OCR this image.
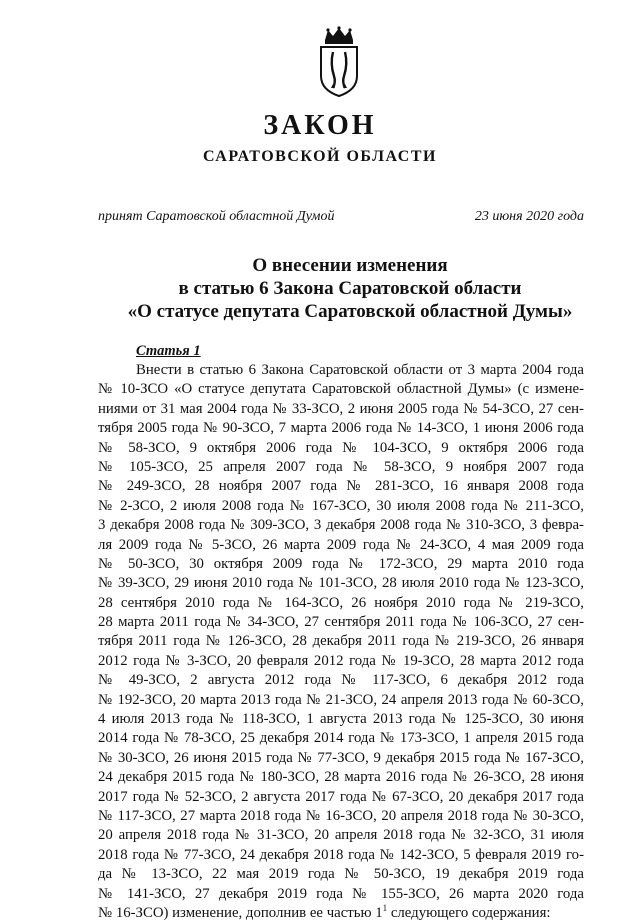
ЗАКОН
САРАТОВСКОЙ ОБЛАСТИ
принят Саратовской областной Думой	23 июня 2020 года
О внесении изменения
в статью 6 Закона Саратовской области
«О статусе депутата Саратовской областной Думы»
Статья 1
Внести в статью 6 Закона Саратовской области от 3 марта 2004 года
№ 10-ЗСО «О статусе депутата Саратовской областной Думы» (с измене-
ниями от 31 мая 2004 года № 33-ЗСО, 2 июня 2005 года № 54-ЗСО, 27 сен-
тября 2005 года № 90-ЗСО, 7 марта 2006 года № 14-ЗСО, 1 июня 2006 года
№ 58-ЗСО, 9 октября 2006 года № 104-ЗСО, 9 октября 2006 года
№ 105-ЗСО, 25 апреля 2007 года № 58-ЗСО, 9 ноября 2007 года
№ 249-ЗСО, 28 ноября 2007 года № 281-ЗСО, 16 января 2008 года
№ 2-ЗСО, 2 июля 2008 года № 167-ЗСО, 30 июля 2008 года № 211-ЗСО,
3 декабря 2008 года № 309-ЗСО, 3 декабря 2008 года № 310-ЗСО, 3 февра-
ля 2009 года № 5-ЗСО, 26 марта 2009 года № 24-ЗСО, 4 мая 2009 года
№ 50-ЗСО, 30 октября 2009 года № 172-ЗСО, 29 марта 2010 года
№ 39-ЗСО, 29 июня 2010 года № 101-ЗСО, 28 июля 2010 года № 123-ЗСО,
28 сентября 2010 года № 164-ЗСО, 26 ноября 2010 года № 219-ЗСО,
28 марта 2011 года № 34-ЗСО, 27 сентября 2011 года № 106-ЗСО, 27 сен-
тября 2011 года № 126-ЗСО, 28 декабря 2011 года № 219-ЗСО, 26 января
2012 года № 3-ЗСО, 20 февраля 2012 года № 19-ЗСО, 28 марта 2012 года
№ 49-ЗСО, 2 августа 2012 года № 117-ЗСО, 6 декабря 2012 года
№ 192-ЗСО, 20 марта 2013 года № 21-ЗСО, 24 апреля 2013 года № 60-ЗСО,
4 июля 2013 года № 118-ЗСО, 1 августа 2013 года № 125-ЗСО, 30 июня
2014 года № 78-ЗСО, 25 декабря 2014 года № 173-ЗСО, 1 апреля 2015 года
№ 30-ЗСО, 26 июня 2015 года № 77-ЗСО, 9 декабря 2015 года № 167-ЗСО,
24 декабря 2015 года № 180-ЗСО, 28 марта 2016 года № 26-ЗСО, 28 июня
2017 года № 52-ЗСО, 2 августа 2017 года № 67-ЗСО, 20 декабря 2017 года
№ 117-ЗСО, 27 марта 2018 года № 16-ЗСО, 20 апреля 2018 года № 30-ЗСО,
20 апреля 2018 года № 31-ЗСО, 20 апреля 2018 года № 32-ЗСО, 31 июля
2018 года № 77-ЗСО, 24 декабря 2018 года № 142-ЗСО, 5 февраля 2019 го-
да № 13-ЗСО, 22 мая 2019 года № 50-ЗСО, 19 декабря 2019 года
№ 141-ЗСО, 27 декабря 2019 года № 155-ЗСО, 26 марта 2020 года
№ 16-ЗСО) изменение, дополнив ее частью $1^1$ следующего содержания:
